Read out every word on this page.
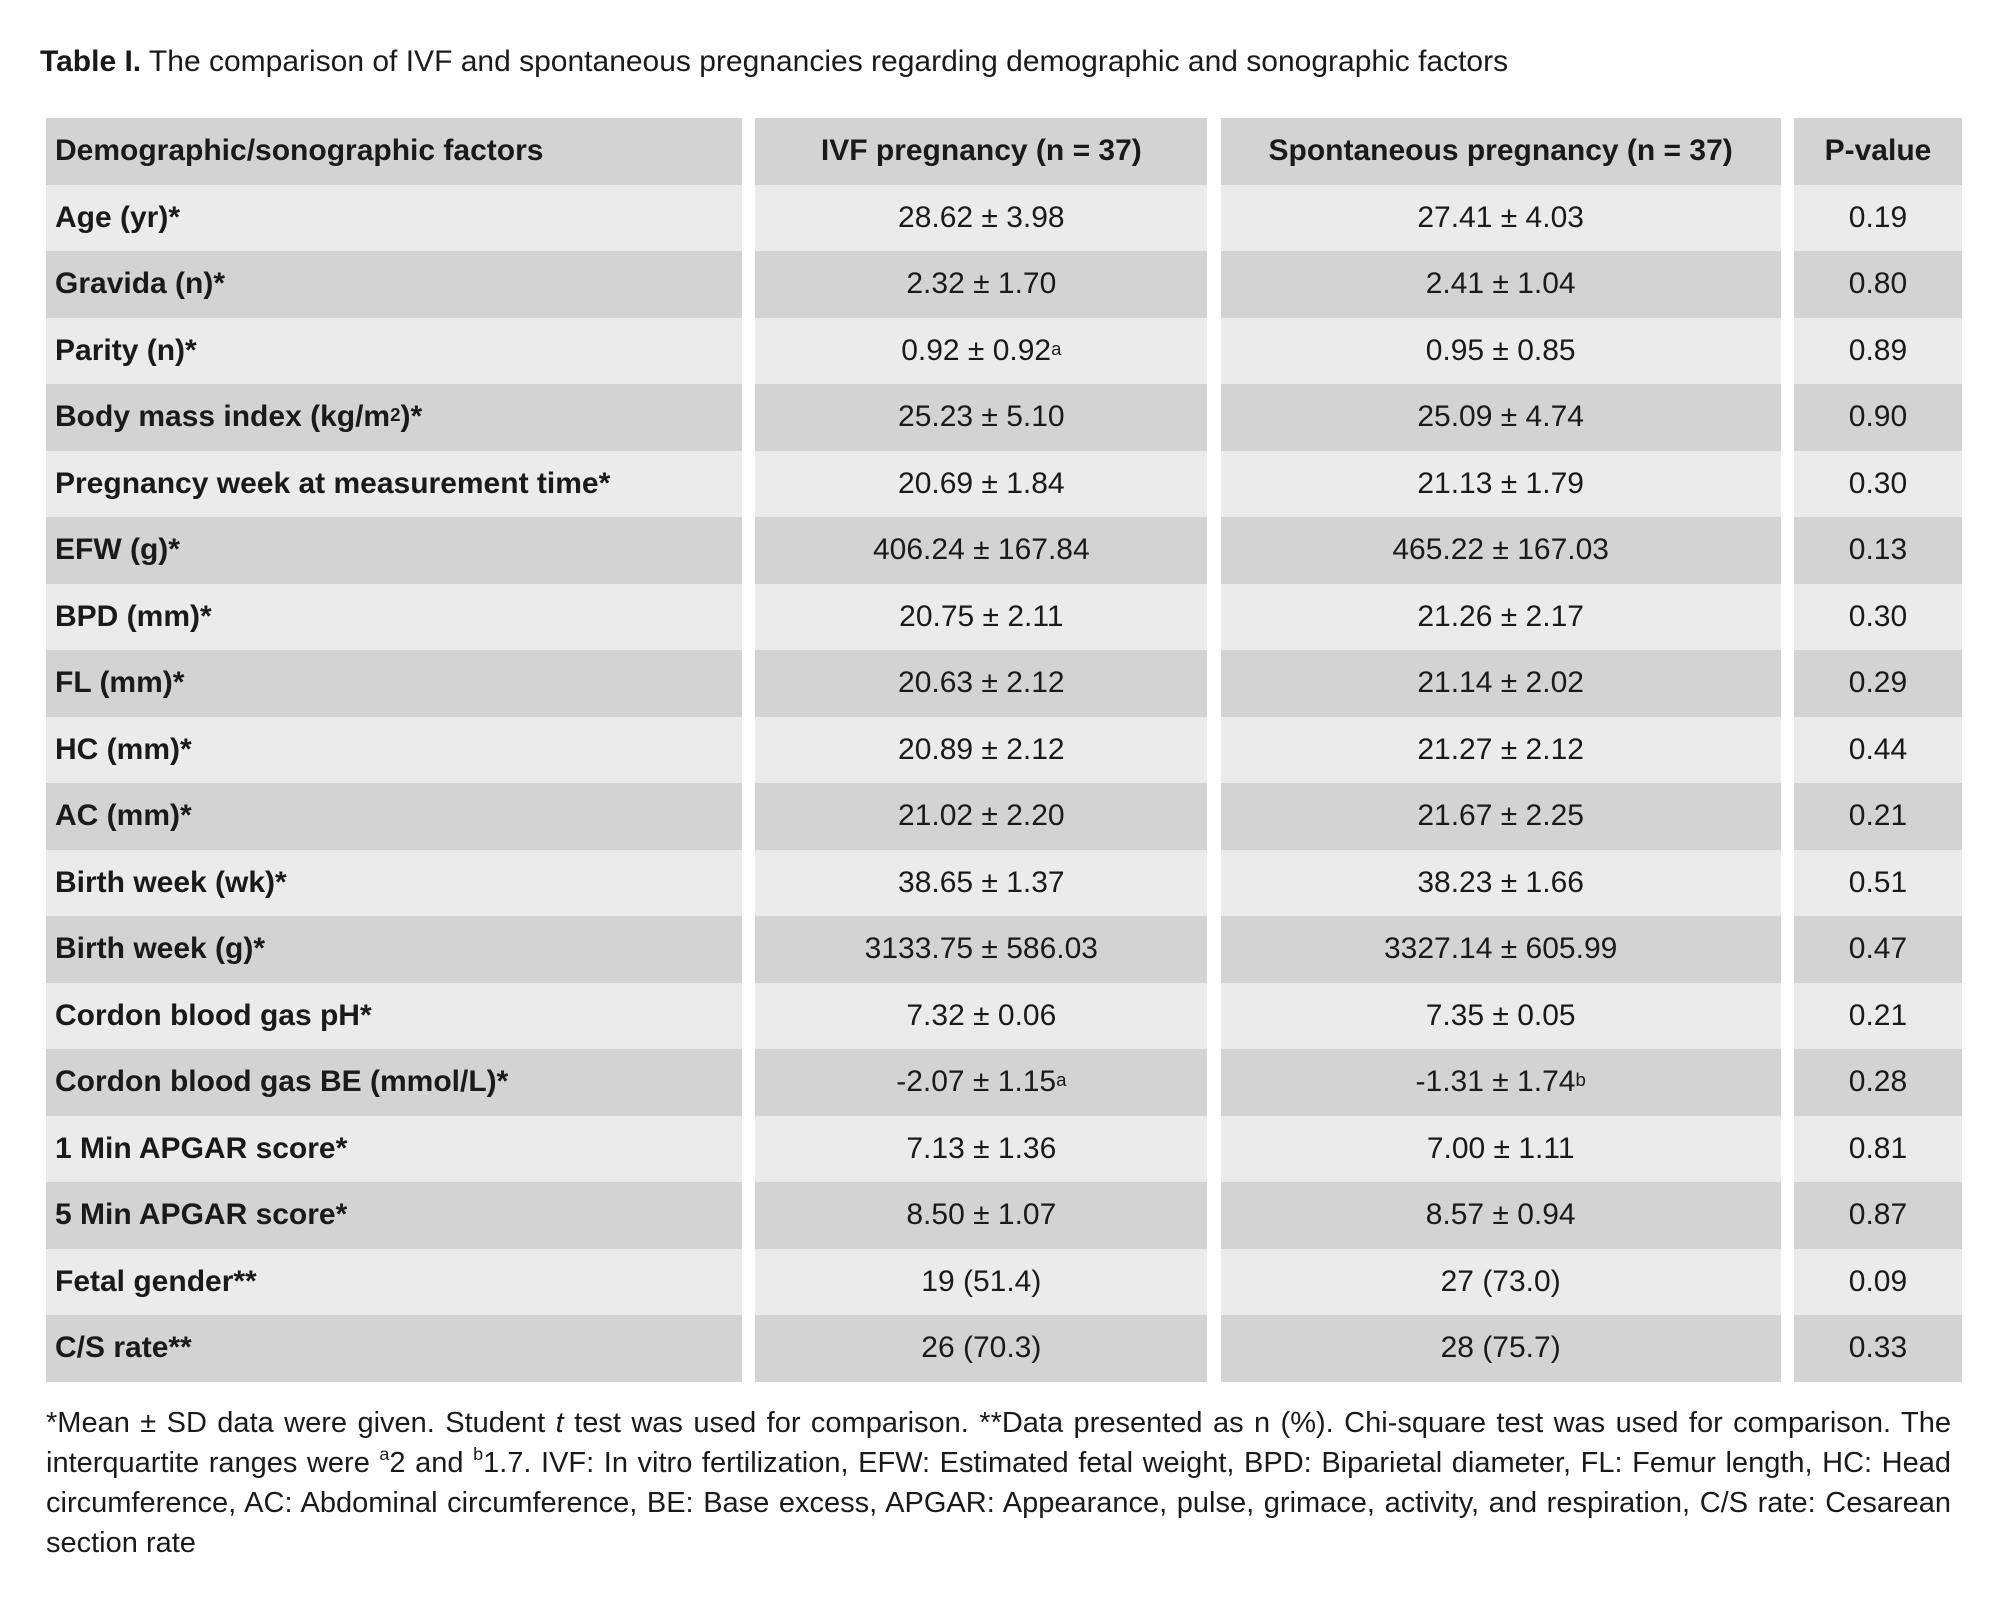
Table I. The comparison of IVF and spontaneous pregnancies regarding demographic and sonographic factors
Demographic/sonographic factors
Age (yr)*
Gravida (n)*
Parity (n)*
Body mass index ($kg/m^2$ )*
Pregnancy week at measurement time*
EFW (g)*
BPD (mm)*
FL (mm)*
HC (mm)*
AC (mm)*
Birth week (wk)*
Birth week (g)*
Cordon blood gas pH*
Cordon blood gas BE (mmol/L)*
1 Min APGAR score*
5 Min APGAR score*
Fetal gender**
C/S rate**
IVF pregnancy (n = 37)
28.62 ± 3.98
2.32 ± 1.70
0.92 ± 0.92$^a$
25.23 ± 5.10
20.69 ± 1.84
406.24 ± 167.84
20.75 ± 2.11
20.63 ± 2.12
20.89 ± 2.12
21.02 ± 2.20
38.65 ± 1.37
3133.75 ± 586.03
7.32 ± 0.06
-2.07 ± 1.15$^a$
7.13 ± 1.36
8.50 ± 1.07
19 (51.4)
26 (70.3)
Spontaneous pregnancy (n = 37)
27.41 ± 4.03
2.41 ± 1.04
0.95 ± 0.85
25.09 ± 4.74
21.13 ± 1.79
465.22 ± 167.03
21.26 ± 2.17
21.14 ± 2.02
21.27 ± 2.12
21.67 ± 2.25
38.23 ± 1.66
3327.14 ± 605.99
7.35 ± 0.05
-1.31 ± 1.74$^b$
7.00 ± 1.11
8.57 ± 0.94
27 (73.0)
28 (75.7)
P-value
0.19
0.80
0.89
0.90
0.30
0.13
0.30
0.29
0.44
0.21
0.51
0.47
0.21
0.28
0.81
0.87
0.09
0.33
*Mean ± SD data were given. Student t test was used for comparison. **Data presented as n (%). Chi-square test was used for comparison. The interquartite ranges were $^a$2 and $^b$1.7. IVF: In vitro fertilization, EFW: Estimated fetal weight, BPD: Biparietal diameter, FL: Femur length, HC: Head circumference, AC: Abdominal circumference, BE: Base excess, APGAR: Appearance, pulse, grimace, activity, and respiration, C/S rate: Cesarean section rate
